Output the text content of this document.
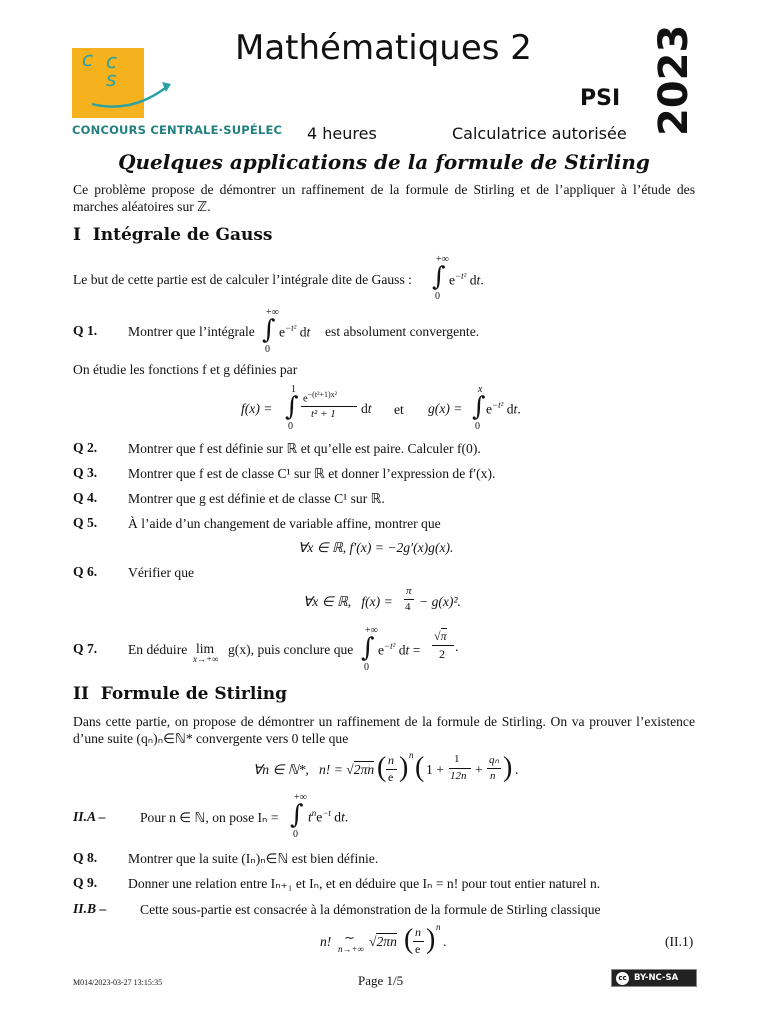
c c
s
CONCOURS CENTRALE·SUPÉLEC
Mathématiques 2
PSI 2023
4 heures	Calculatrice autorisée
Quelques applications de la formule de Stirling
Ce problème propose de démontrer un raffinement de la formule de Stirling et de l’appliquer à l’étude des marches aléatoires sur ℤ.
I  Intégrale de Gauss
Le but de cette partie est de calculer l’intégrale dite de Gauss :
+∞
∫
0
$e^{-t^2}$ dt.
Q 1. Montrer que l’intégrale
+∞
∫
0
$e^{-t^2}$ dt est absolument convergente.
On étudie les fonctions f et g définies par
f(x) =
1
∫
0
$e^{-(t^2+1)x^2}$
t² + 1 dt et g(x) =
x
∫
0
$e^{-t^2}$ dt.
Q 2. Montrer que f est définie sur ℝ et qu’elle est paire. Calculer f(0).
Q 3. Montrer que f est de classe C¹ sur ℝ et donner l’expression de f′(x).
Q 4. Montrer que g est définie et de classe C¹ sur ℝ.
Q 5. À l’aide d’un changement de variable affine, montrer que
∀x ∈ ℝ, f′(x) = −2g′(x)g(x).
Q 6. Vérifier que
∀x ∈ ℝ,   f(x) =
π
4 − g(x)².
Q 7. En déduire lim
x→+∞
g(x), puis conclure que
+∞
∫
0
$e^{-t^2}$ dt =
√π
2 .
II  Formule de Stirling
Dans cette partie, on propose de démontrer un raffinement de la formule de Stirling. On va prouver l’existence d’une suite (qₙ)ₙ∈ℕ* convergente vers 0 telle que
∀n ∈ ℕ*,   n! = √2πn ( n
e ) n ( 1 +
1
12n +
qₙ
n ) .
II.A –	Pour n ∈ ℕ, on pose Iₙ =
+∞
∫
0
$t^ne^{-t}$ dt.
Q 8. Montrer que la suite (Iₙ)ₙ∈ℕ est bien définie.
Q 9. Donner une relation entre Iₙ₊₁ et Iₙ, et en déduire que Iₙ = n! pour tout entier naturel n.
II.B – Cette sous-partie est consacrée à la démonstration de la formule de Stirling classique
n! ∼
n→+∞ √2πn ( n
e ) n
.	(II.1)
M014/2023-03-27 13:15:35	Page 1/5	cc BY-NC-SA
